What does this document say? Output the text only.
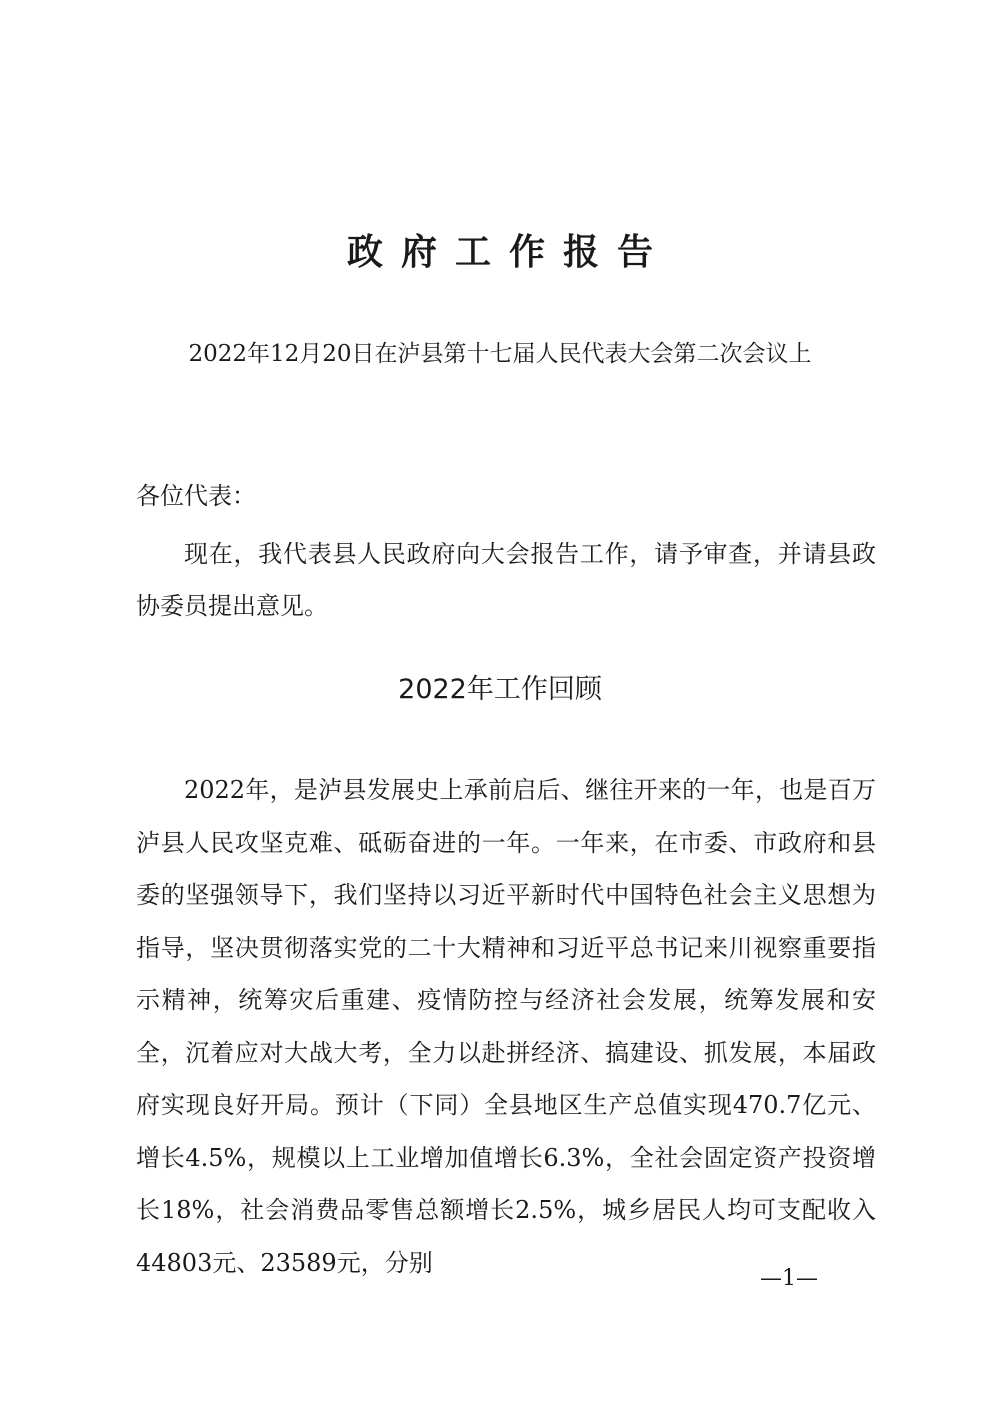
政府工作报告
2022年12月20日在泸县第十七届人民代表大会第二次会议上
各位代表：
现在，我代表县人民政府向大会报告工作，请予审查，并请县政协委员提出意见。
2022年工作回顾
2022年，是泸县发展史上承前启后、继往开来的一年，也是百万泸县人民攻坚克难、砥砺奋进的一年。一年来，在市委、市政府和县委的坚强领导下，我们坚持以习近平新时代中国特色社会主义思想为指导，坚决贯彻落实党的二十大精神和习近平总书记来川视察重要指示精神，统筹灾后重建、疫情防控与经济社会发展，统筹发展和安全，沉着应对大战大考，全力以赴拼经济、搞建设、抓发展，本届政府实现良好开局。预计（下同）全县地区生产总值实现470.7亿元、增长4.5%，规模以上工业增加值增长6.3%，全社会固定资产投资增长18%，社会消费品零售总额增长2.5%，城乡居民人均可支配收入44803元、23589元，分别
—1—
